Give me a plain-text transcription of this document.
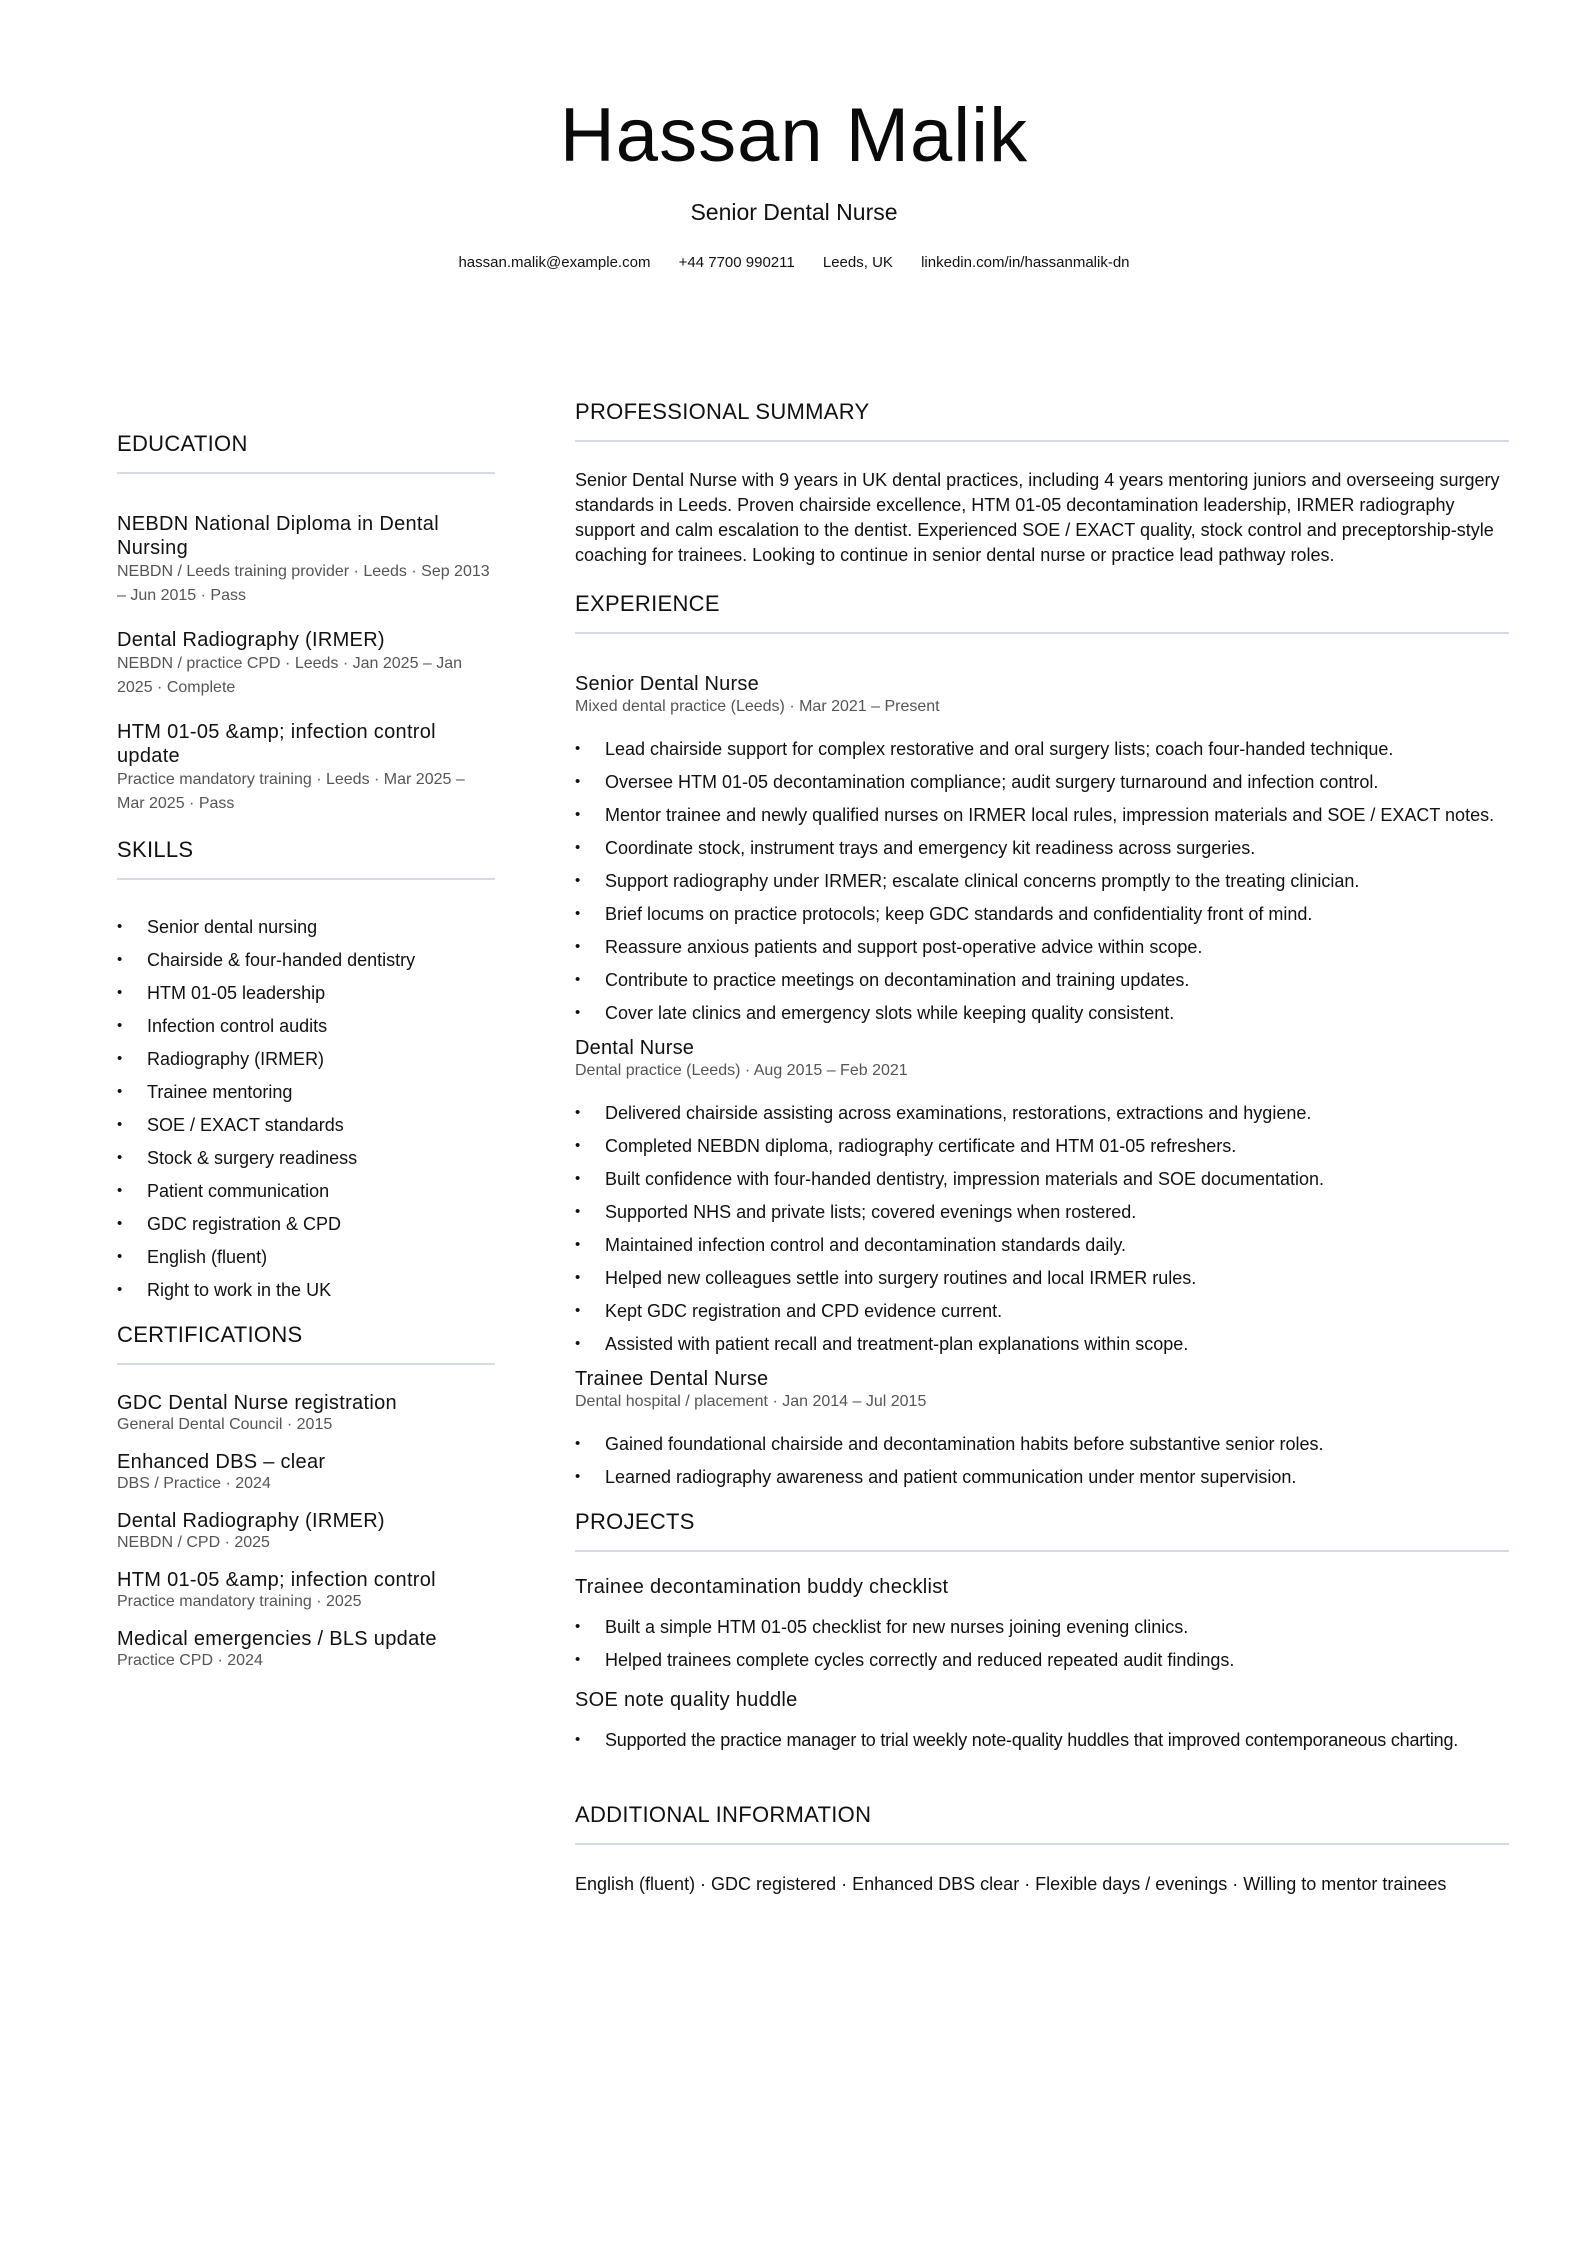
Hassan Malik
Senior Dental Nurse
hassan.malik@example.com +44 7700 990211 Leeds, UK linkedin.com/in/hassanmalik-dn
EDUCATION
NEBDN National Diploma in Dental Nursing
NEBDN / Leeds training provider · Leeds · Sep 2013 – Jun 2015 · Pass
Dental Radiography (IRMER)
NEBDN / practice CPD · Leeds · Jan 2025 – Jan 2025 · Complete
HTM 01-05 &amp; infection control update
Practice mandatory training · Leeds · Mar 2025 – Mar 2025 · Pass
SKILLS
• Senior dental nursing
• Chairside & four-handed dentistry
• HTM 01-05 leadership
• Infection control audits
• Radiography (IRMER)
• Trainee mentoring
• SOE / EXACT standards
• Stock & surgery readiness
• Patient communication
• GDC registration & CPD
• English (fluent)
• Right to work in the UK
CERTIFICATIONS
GDC Dental Nurse registration
General Dental Council · 2015
Enhanced DBS – clear
DBS / Practice · 2024
Dental Radiography (IRMER)
NEBDN / CPD · 2025
HTM 01-05 &amp; infection control
Practice mandatory training · 2025
Medical emergencies / BLS update
Practice CPD · 2024
PROFESSIONAL SUMMARY
Senior Dental Nurse with 9 years in UK dental practices, including 4 years mentoring juniors and overseeing surgery standards in Leeds. Proven chairside excellence, HTM 01-05 decontamination leadership, IRMER radiography support and calm escalation to the dentist. Experienced SOE / EXACT quality, stock control and preceptorship-style coaching for trainees. Looking to continue in senior dental nurse or practice lead pathway roles.
EXPERIENCE
Senior Dental Nurse
Mixed dental practice (Leeds) · Mar 2021 – Present
• Lead chairside support for complex restorative and oral surgery lists; coach four-handed technique.
• Oversee HTM 01-05 decontamination compliance; audit surgery turnaround and infection control.
• Mentor trainee and newly qualified nurses on IRMER local rules, impression materials and SOE / EXACT notes.
• Coordinate stock, instrument trays and emergency kit readiness across surgeries.
• Support radiography under IRMER; escalate clinical concerns promptly to the treating clinician.
• Brief locums on practice protocols; keep GDC standards and confidentiality front of mind.
• Reassure anxious patients and support post-operative advice within scope.
• Contribute to practice meetings on decontamination and training updates.
• Cover late clinics and emergency slots while keeping quality consistent.
Dental Nurse
Dental practice (Leeds) · Aug 2015 – Feb 2021
• Delivered chairside assisting across examinations, restorations, extractions and hygiene.
• Completed NEBDN diploma, radiography certificate and HTM 01-05 refreshers.
• Built confidence with four-handed dentistry, impression materials and SOE documentation.
• Supported NHS and private lists; covered evenings when rostered.
• Maintained infection control and decontamination standards daily.
• Helped new colleagues settle into surgery routines and local IRMER rules.
• Kept GDC registration and CPD evidence current.
• Assisted with patient recall and treatment-plan explanations within scope.
Trainee Dental Nurse
Dental hospital / placement · Jan 2014 – Jul 2015
• Gained foundational chairside and decontamination habits before substantive senior roles.
• Learned radiography awareness and patient communication under mentor supervision.
PROJECTS
Trainee decontamination buddy checklist
• Built a simple HTM 01-05 checklist for new nurses joining evening clinics.
• Helped trainees complete cycles correctly and reduced repeated audit findings.
SOE note quality huddle
• Supported the practice manager to trial weekly note-quality huddles that improved contemporaneous charting.
ADDITIONAL INFORMATION
English (fluent) · GDC registered · Enhanced DBS clear · Flexible days / evenings · Willing to mentor trainees
